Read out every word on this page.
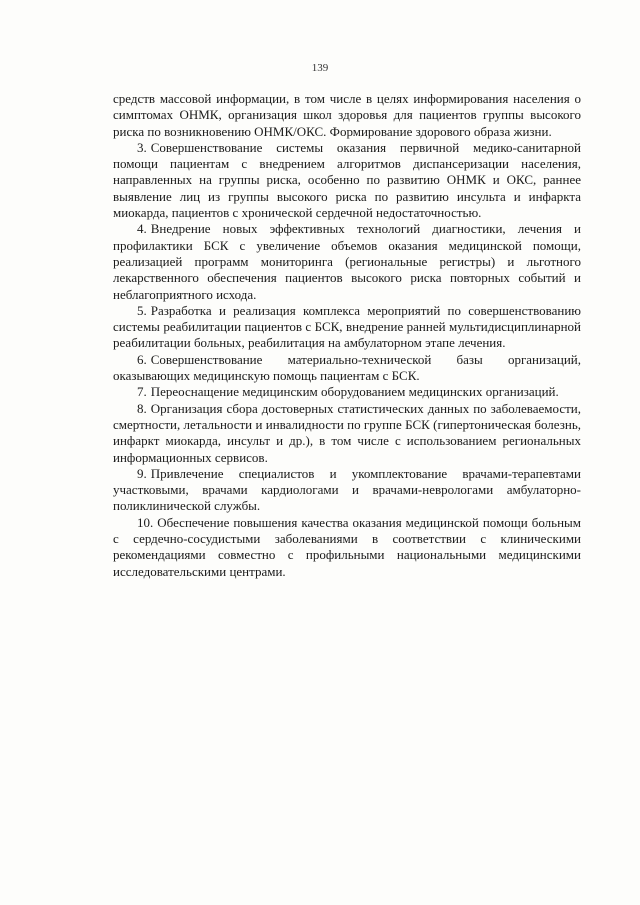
139

средств массовой информации, в том числе в целях информирования населения о симптомах ОНМК, организация школ здоровья для пациентов группы высокого риска по возникновению ОНМК/ОКС. Формирование здорового образа жизни.

3. Совершенствование системы оказания первичной медико-санитарной помощи пациентам с внедрением алгоритмов диспансеризации населения, направленных на группы риска, особенно по развитию ОНМК и ОКС, раннее выявление лиц из группы высокого риска по развитию инсульта и инфаркта миокарда, пациентов с хронической сердечной недостаточностью.

4. Внедрение новых эффективных технологий диагностики, лечения и профилактики БСК с увеличение объемов оказания медицинской помощи, реализацией программ мониторинга (региональные регистры) и льготного лекарственного обеспечения пациентов высокого риска повторных событий и неблагоприятного исхода.

5. Разработка и реализация комплекса мероприятий по совершенствованию системы реабилитации пациентов с БСК, внедрение ранней мультидисциплинарной реабилитации больных, реабилитация на амбулаторном этапе лечения.

6. Совершенствование материально-технической базы организаций, оказывающих медицинскую помощь пациентам с БСК.

7. Переоснащение медицинским оборудованием медицинских организаций.

8. Организация сбора достоверных статистических данных по заболеваемости, смертности, летальности и инвалидности по группе БСК (гипертоническая болезнь, инфаркт миокарда, инсульт и др.), в том числе с использованием региональных информационных сервисов.

9. Привлечение специалистов и укомплектование врачами-терапевтами участковыми, врачами кардиологами и врачами-неврологами амбулаторно-поликлинической службы.

10. Обеспечение повышения качества оказания медицинской помощи больным с сердечно-сосудистыми заболеваниями в соответствии с клиническими рекомендациями совместно с профильными национальными медицинскими исследовательскими центрами.
